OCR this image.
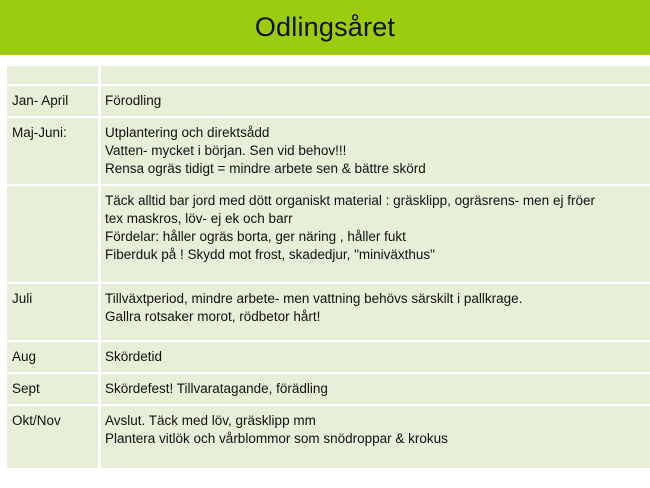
Odlingsåret

Jan- April	Förodling

Maj-Juni:	Utplantering och direktsådd
Vatten- mycket i början. Sen vid behov!!!
Rensa ogräs tidigt = mindre arbete sen & bättre skörd

	Täck alltid bar jord med dött organiskt material : gräsklipp, ogräsrens- men ej fröer
tex maskros, löv- ej ek och barr
Fördelar: håller ogräs borta, ger näring , håller fukt
Fiberduk på ! Skydd mot frost, skadedjur, "miniväxthus"

Juli	Tillväxtperiod, mindre arbete- men vattning behövs särskilt i pallkrage.
Gallra rotsaker morot, rödbetor hårt!

Aug	Skördetid

Sept	Skördefest! Tillvaratagande, förädling

Okt/Nov	Avslut. Täck med löv, gräsklipp mm
Plantera vitlök och vårblommor som snödroppar & krokus
